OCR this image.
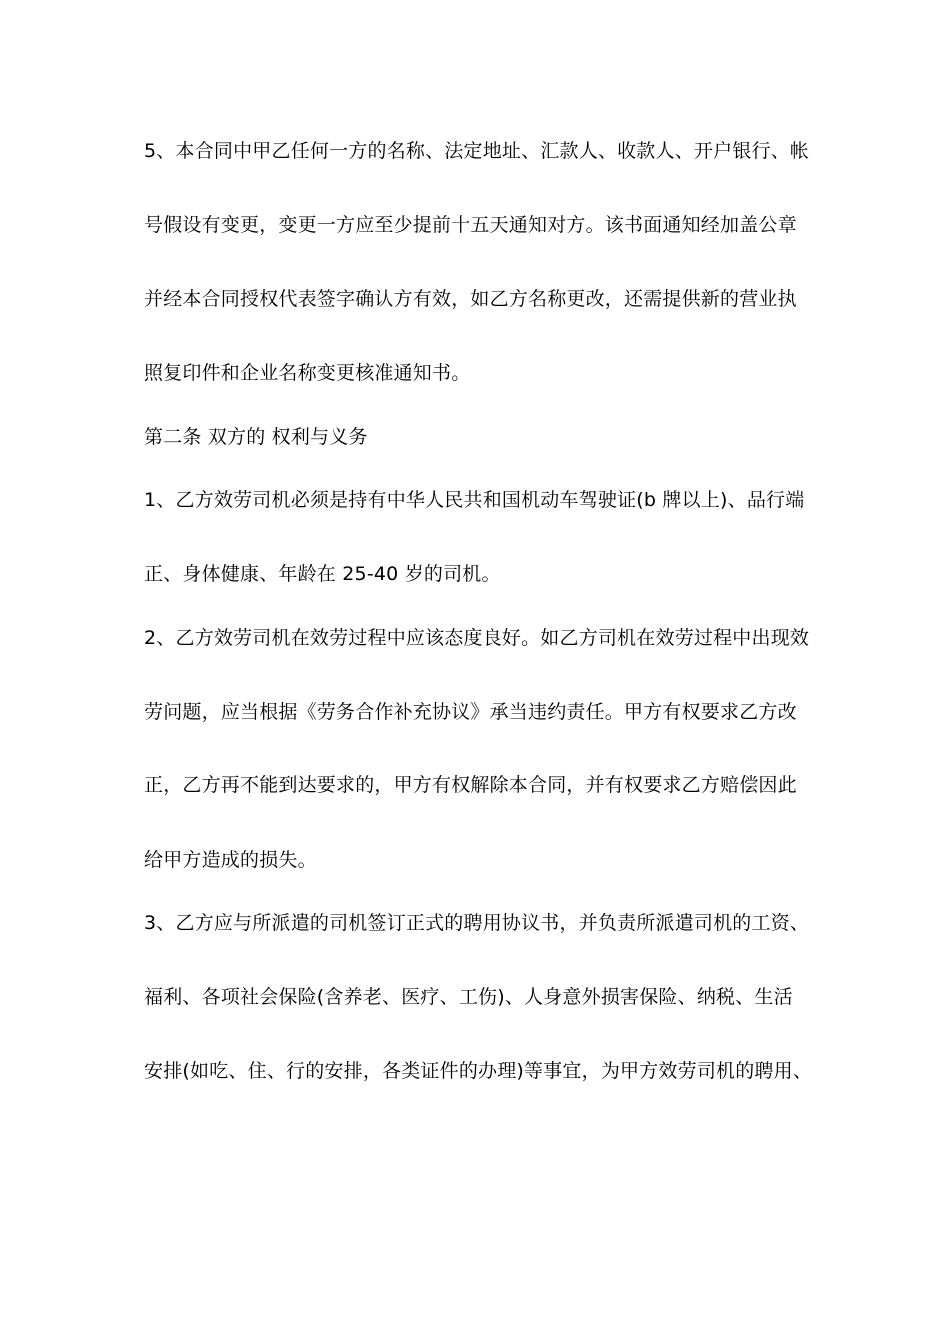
5、本合同中甲乙任何一方的名称、法定地址、汇款人、收款人、开户银行、帐
号假设有变更，变更一方应至少提前十五天通知对方。该书面通知经加盖公章
并经本合同授权代表签字确认方有效，如乙方名称更改，还需提供新的营业执
照复印件和企业名称变更核准通知书。
第二条 双方的 权利与义务
1、乙方效劳司机必须是持有中华人民共和国机动车驾驶证(b 牌以上)、品行端
正、身体健康、年龄在 25-40 岁的司机。
2、乙方效劳司机在效劳过程中应该态度良好。如乙方司机在效劳过程中出现效
劳问题，应当根据《劳务合作补充协议》承当违约责任。甲方有权要求乙方改
正，乙方再不能到达要求的，甲方有权解除本合同，并有权要求乙方赔偿因此
给甲方造成的损失。
3、乙方应与所派遣的司机签订正式的聘用协议书，并负责所派遣司机的工资、
福利、各项社会保险(含养老、医疗、工伤)、人身意外损害保险、纳税、生活
安排(如吃、住、行的安排，各类证件的办理)等事宜，为甲方效劳司机的聘用、
